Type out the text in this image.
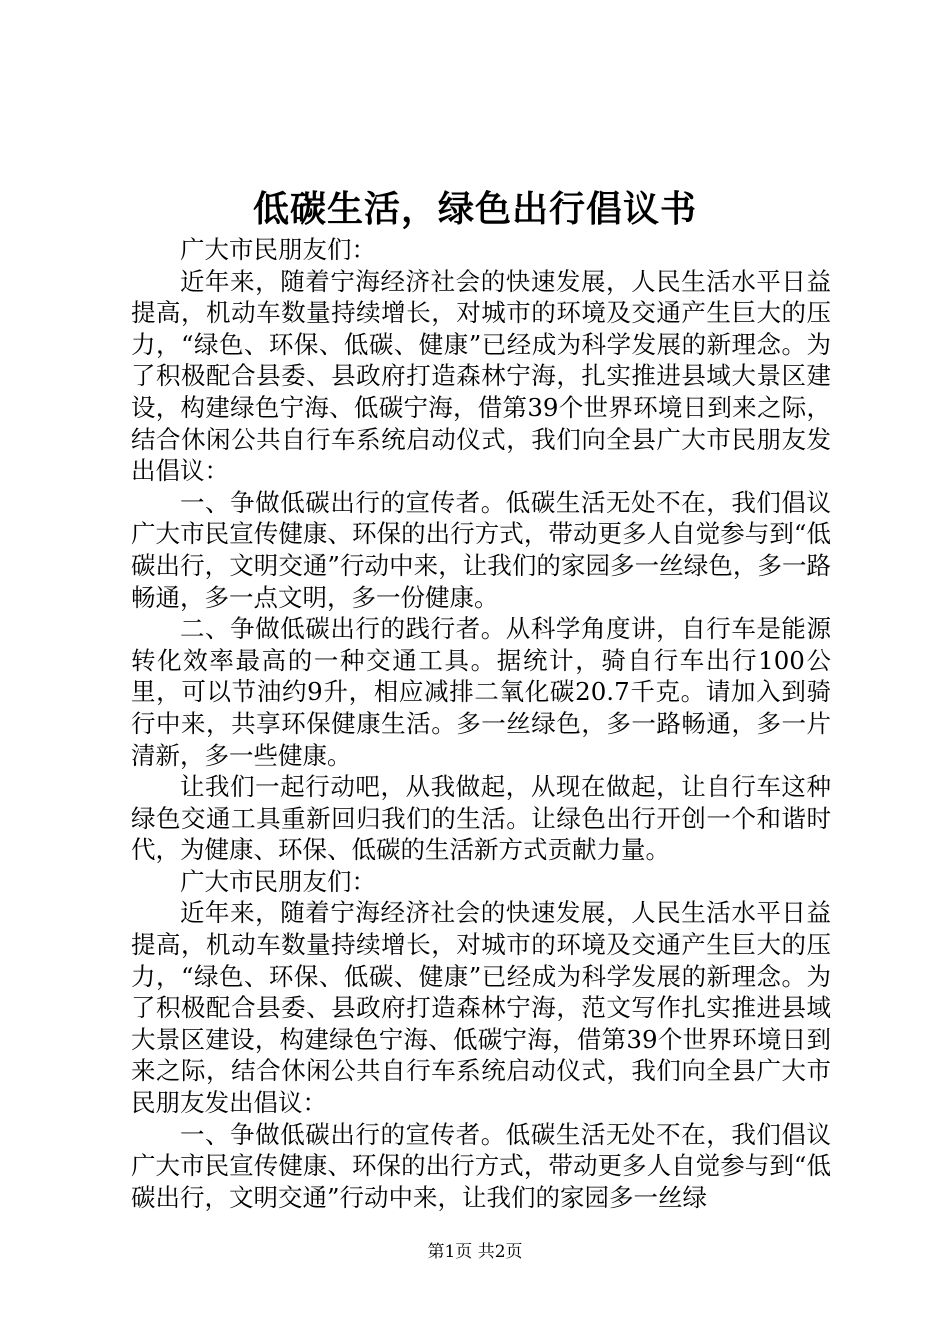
低碳生活，绿色出行倡议书

广大市民朋友们：

近年来，随着宁海经济社会的快速发展，人民生活水平日益提高，机动车数量持续增长，对城市的环境及交通产生巨大的压力，“绿色、环保、低碳、健康”已经成为科学发展的新理念。为了积极配合县委、县政府打造森林宁海，扎实推进县域大景区建设，构建绿色宁海、低碳宁海，借第39个世界环境日到来之际，结合休闲公共自行车系统启动仪式，我们向全县广大市民朋友发出倡议：

一、争做低碳出行的宣传者。低碳生活无处不在，我们倡议广大市民宣传健康、环保的出行方式，带动更多人自觉参与到“低碳出行，文明交通”行动中来，让我们的家园多一丝绿色，多一路畅通，多一点文明，多一份健康。

二、争做低碳出行的践行者。从科学角度讲，自行车是能源转化效率最高的一种交通工具。据统计，骑自行车出行100公里，可以节油约9升，相应减排二氧化碳20.7千克。请加入到骑行中来，共享环保健康生活。多一丝绿色，多一路畅通，多一片清新，多一些健康。

让我们一起行动吧，从我做起，从现在做起，让自行车这种绿色交通工具重新回归我们的生活。让绿色出行开创一个和谐时代，为健康、环保、低碳的生活新方式贡献力量。

广大市民朋友们：

近年来，随着宁海经济社会的快速发展，人民生活水平日益提高，机动车数量持续增长，对城市的环境及交通产生巨大的压力，“绿色、环保、低碳、健康”已经成为科学发展的新理念。为了积极配合县委、县政府打造森林宁海，范文写作扎实推进县域大景区建设，构建绿色宁海、低碳宁海，借第39个世界环境日到来之际，结合休闲公共自行车系统启动仪式，我们向全县广大市民朋友发出倡议：

一、争做低碳出行的宣传者。低碳生活无处不在，我们倡议广大市民宣传健康、环保的出行方式，带动更多人自觉参与到“低碳出行，文明交通”行动中来，让我们的家园多一丝绿

第1页 共2页
